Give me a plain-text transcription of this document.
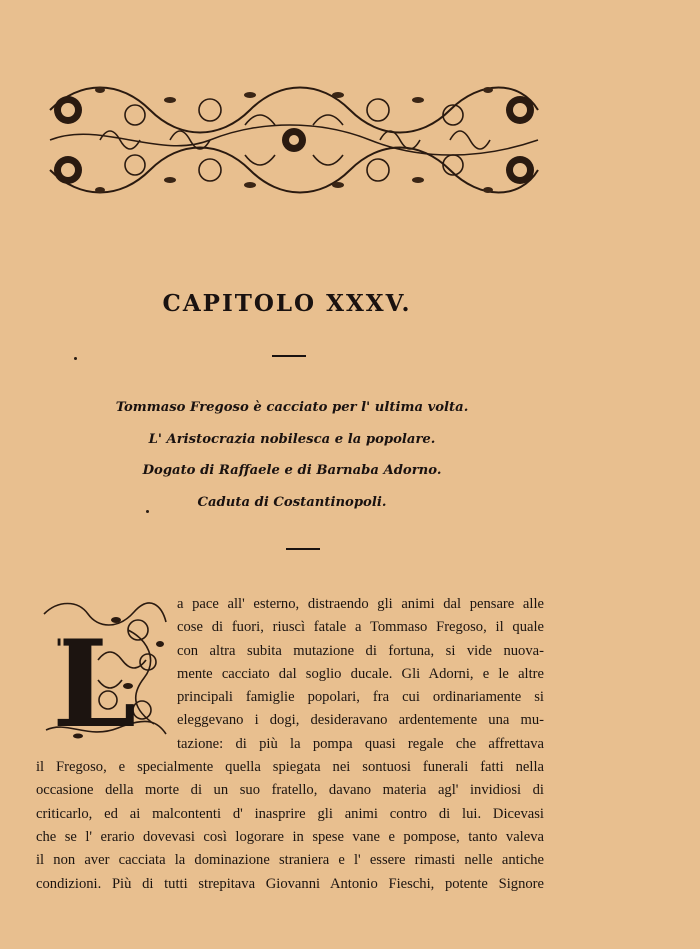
CAPITOLO XXXV.
Tommaso Fregoso è cacciato per l' ultima volta.
L' Aristocrazia nobilesca e la popolare.
Dogato di Raffaele e di Barnaba Adorno.
Caduta di Costantinopoli.
L
a pace all' esterno, distraendo gli animi dal pensare alle
cose di fuori, riuscì fatale a Tommaso Fregoso, il quale
con altra subita mutazione di fortuna, si vide nuova-
mente cacciato dal soglio ducale. Gli Adorni, e le altre
principali famiglie popolari, fra cui ordinariamente si
eleggevano i dogi, desideravano ardentemente una mu-
tazione: di più la pompa quasi regale che affrettava
il Fregoso, e specialmente quella spiegata nei sontuosi funerali fatti nella
occasione della morte di un suo fratello, davano materia agl' invidiosi di
criticarlo, ed ai malcontenti d' inasprire gli animi contro di lui. Dicevasi
che se l' erario dovevasi così logorare in spese vane e pompose, tanto valeva
il non aver cacciata la dominazione straniera e l' essere rimasti nelle antiche
condizioni. Più di tutti strepitava Giovanni Antonio Fieschi, potente Signore
